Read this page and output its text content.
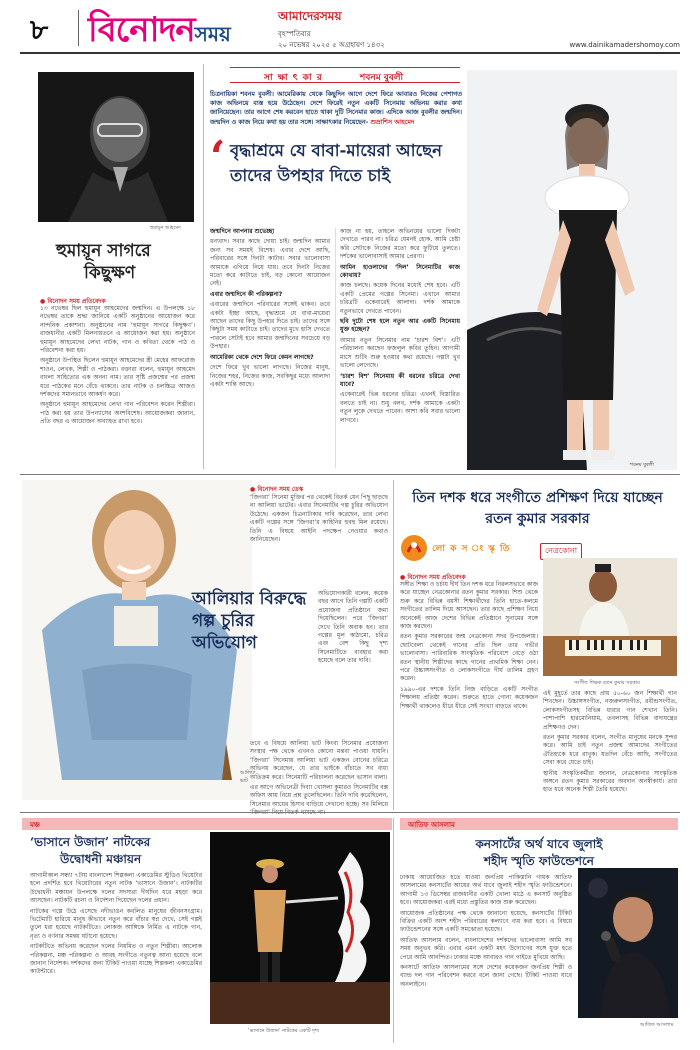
৮ বিনোদনসময়
আমাদেরসময়
বৃহস্পতিবার
২০ নভেম্বর ২০২৫ ৫ অগ্রহায়ণ ১৪৩২	www.dainikamadershomoy.com
হুমায়ূন আহমেদ
হুমায়ূন সাগরে
কিছুক্ষণ
● বিনোদন সময় প্রতিবেদক

১৩ নভেম্বর ছিল হুমায়ূন আহমেদের জন্মদিন। এ উপলক্ষে ১৮ নভেম্বর তাকে শ্রদ্ধা জানিয়ে একটি অনুষ্ঠানের আয়োজন করে নান্দনিক প্রকাশনা। অনুষ্ঠানের নাম ‘হুমায়ূন সাগরে কিছুক্ষণ’। রাজধানীর একটি মিলনায়তনে এ আয়োজন করা হয়। অনুষ্ঠানে হুমায়ূন আহমেদের লেখা নাটক, গান ও কবিতা থেকে পাঠ ও পরিবেশনা করা হয়।

অনুষ্ঠানে উপস্থিত ছিলেন হুমায়ূন আহমেদের স্ত্রী মেহের আফরোজ শাওন, লেখক, শিল্পী ও পাঠকরা। বক্তারা বলেন, হুমায়ূন আহমেদ বাংলা সাহিত্যের এক অনন্য নাম। তার সৃষ্টি প্রজন্মের পর প্রজন্ম ধরে পাঠকের মনে বেঁচে থাকবে। তার নাটক ও চলচ্চিত্র আজও দর্শকদের সমানভাবে আকর্ষণ করে।

অনুষ্ঠানে হুমায়ূন আহমেদের লেখা গান পরিবেশন করেন শিল্পীরা। পাঠ করা হয় তার উপন্যাসের অংশবিশেষ। আয়োজকরা জানান, প্রতি বছর এ আয়োজন অব্যাহত রাখা হবে।

সা ক্ষা ৎ কা র	শবনম বুবলী
চিত্রনায়িকা শবনম বুবলী। আমেরিকায় থেকে কিছুদিন আগে দেশে ফিরে আবারও নিজের পেশাগত কাজ অভিনয়ে ব্যস্ত হয়ে উঠেছেন। দেশে ফিরেই নতুন একটি সিনেমায় অভিনয় করার কথা জানিয়েছেন। তার আগে শেষ করবেন হাতে থাকা দুটি সিনেমার কাজ। এদিকে আজ বুবলীর জন্মদিন। জন্মদিন ও কাজ নিয়ে কথা হয় তার সঙ্গে। সাক্ষাৎকার নিয়েছেন- শুভ্রাশিস আহমেদ
‘ বৃদ্ধাশ্রমে যে বাবা-মায়েরা আছেন তাদের উপহার দিতে চাই

জন্মদিনে আপনার শুভেচ্ছা

ধন্যবাদ। সবার কাছে দোয়া চাই। জন্মদিন আমার জন্য সব সময়ই বিশেষ। এবার দেশে আছি, পরিবারের সঙ্গে দিনটা কাটাব। সবার ভালোবাসা আমাকে এগিয়ে নিয়ে যায়। তবে দিনটা নিজের মতো করে কাটাতে চাই, বড় কোনো আয়োজন নেই।

এবার জন্মদিনে কী পরিকল্পনা?

এবারের জন্মদিনে পরিবারের সঙ্গেই থাকব। তবে একটা ইচ্ছা আছে, বৃদ্ধাশ্রমে যে বাবা-মায়েরা আছেন তাদের কিছু উপহার দিতে চাই। তাদের সঙ্গে কিছুটা সময় কাটাতে চাই। তাদের মুখে হাসি দেখতে পারলে সেটাই হবে আমার জন্মদিনের সবচেয়ে বড় উপহার।

আমেরিকা থেকে দেশে ফিরে কেমন লাগছে?

দেশে ফিরে খুব ভালো লাগছে। নিজের মানুষ, নিজের শহর, নিজের কাজ, সবকিছুর মধ্যে আলাদা একটা শান্তি আছে।

কাজ না হয়, তাহলে অভিনয়ের ভালো দিকটা দেখাতে পারব না। চরিত্র যেমনই হোক, আমি চেষ্টা করি সেটাকে নিজের মতো করে ফুটিয়ে তুলতে। দর্শকের ভালোবাসাই আমার প্রেরণা।

আমিন হাওলাদের ‘দিল’ সিনেমাটির কাজ কোথায়?

কাজ চলছে। কয়েক দিনের মধ্যেই শেষ হবে। এটি একটি প্রেমের গল্পের সিনেমা। এখানে আমার চরিত্রটি একেবারেই আলাদা। দর্শক আমাকে নতুনভাবে দেখতে পাবেন।

ছবি দুটো শেষ হলে নতুন আর একটি সিনেমায় যুক্ত হচ্ছেন?

আমার নতুন সিনেমার নাম ‘চারশ বিশ’। এটি পরিচালনা করছেন ফজলুল কবির তুহিন। আগামী মাসে শুটিং শুরু হওয়ার কথা রয়েছে। গল্পটা খুব ভালো লেগেছে।

‘চারশ বিশ’ সিনেমায় কী ধরনের চরিত্রে দেখা যাবে?

একেবারেই ভিন্ন ধরনের চরিত্র। এখনই বিস্তারিত বলতে চাই না। শুধু বলব, দর্শক আমাকে একটা নতুন লুকে দেখতে পাবেন। আশা করি সবার ভালো লাগবে।

শবনম বুবলী
আলিয়া ভাট
● বিনোদন সময় ডেস্ক

‘জিগরা’ সিনেমা মুক্তির পর থেকেই বিতর্ক যেন পিছু ছাড়ছে না আলিয়া ভাটের। এবার সিনেমাটির গল্প চুরির অভিযোগ উঠেছে। একজন চিত্রনাট্যকার দাবি করেছেন, তার লেখা একটি গল্পের সঙ্গে ‘জিগরা’র কাহিনির হুবহু মিল রয়েছে। তিনি এ বিষয়ে আইনি পদক্ষেপ নেওয়ার কথাও জানিয়েছেন।

আলিয়ার বিরুদ্ধে গল্প চুরির অভিযোগ

অভিযোগকারী বলেন, কয়েক বছর আগে তিনি গল্পটি একটি প্রযোজনা প্রতিষ্ঠানে জমা দিয়েছিলেন। পরে ‘জিগরা’ দেখে তিনি অবাক হন। তার গল্পের মূল কাঠামো, চরিত্র এবং বেশ কিছু দৃশ্য সিনেমাটিতে ব্যবহার করা হয়েছে বলে তার দাবি।

তবে এ বিষয়ে আলিয়া ভাট কিংবা সিনেমার প্রযোজনা সংস্থার পক্ষ থেকে এখনও কোনো মন্তব্য পাওয়া যায়নি। ‘জিগরা’ সিনেমায় আলিয়া ভাট একজন বোনের চরিত্রে অভিনয় করেছেন, যে তার ভাইকে বাঁচাতে সব বাধা অতিক্রম করে। সিনেমাটি পরিচালনা করেছেন ভাসান বালা।

এর আগে অভিনেত্রী দিব্যা খোসলা কুমারও সিনেমাটির বক্স অফিস আয় নিয়ে প্রশ্ন তুলেছিলেন। তিনি দাবি করেছিলেন, সিনেমার আয়ের হিসাব বাড়িয়ে দেখানো হচ্ছে। সব মিলিয়ে

তিন দশক ধরে সংগীতে প্রশিক্ষণ দিয়ে যাচ্ছেন রতন কুমার সরকার
লো ক স ং স্কৃ তি	নেত্রকোনা
● বিনোদন সময় প্রতিবেদক

সঙ্গীত শিক্ষা ও চর্চায় দীর্ঘ তিন দশক ধরে নিরলসভাবে কাজ করে যাচ্ছেন নেত্রকোনার রতন কুমার সরকার। শিশু থেকে শুরু করে বিভিন্ন বয়সী শিক্ষার্থীদের তিনি হাতে-কলমে সংগীতের তালিম দিয়ে আসছেন। তার কাছে প্রশিক্ষণ নিয়ে অনেকেই আজ দেশের বিভিন্ন প্রতিষ্ঠানে সুনামের সঙ্গে কাজ করছেন।

রতন কুমার সরকারের জন্ম নেত্রকোনা সদর উপজেলায়। ছোটবেলা থেকেই গানের প্রতি ছিল তার গভীর ভালোবাসা। পারিবারিক সাংস্কৃতিক পরিবেশে বেড়ে ওঠা রতন স্থানীয় শিল্পীদের কাছে গানের প্রাথমিক শিক্ষা নেন। পরে উচ্চাঙ্গসংগীত ও লোকসংগীতে দীর্ঘ তালিম গ্রহণ করেন।

১৯৯০-এর দশকে তিনি নিজ বাড়িতে একটি সংগীত শিক্ষালয় প্রতিষ্ঠা করেন। শুরুতে হাতে গোনা কয়েকজন শিক্ষার্থী থাকলেও ধীরে ধীরে সেই সংখ্যা বাড়তে থাকে।

সংগীত শিক্ষক রতন কুমার সরকার

এই মুহূর্তে তার কাছে প্রায় ৫০-৬০ জন শিক্ষার্থী গান শিখছেন। উচ্চাঙ্গসংগীত, নজরুলসংগীত, রবীন্দ্রসংগীত, লোকসংগীতসহ বিভিন্ন ধারার গান শেখান তিনি। পাশাপাশি হারমোনিয়াম, তবলাসহ বিভিন্ন বাদ্যযন্ত্রের প্রশিক্ষণও দেন।

রতন কুমার সরকার বলেন, সংগীত মানুষের মনকে সুন্দর করে। আমি চাই নতুন প্রজন্ম আমাদের সংগীতের ঐতিহ্যকে ধরে রাখুক। যতদিন বেঁচে আছি, সংগীতের সেবা করে যেতে চাই।

স্থানীয় সংস্কৃতিকর্মীরা জানান, নেত্রকোনার সাংস্কৃতিক অঙ্গনে রতন কুমার সরকারের অবদান অনস্বীকার্য। তার হাত ধরে অনেক শিল্পী তৈরি হয়েছে।

মঞ্চ
‘ভাসানে উজান’ নাটকের
উদ্বোধনী মঞ্চায়ন

আগামীকাল সন্ধ্যা ৭টায় বাংলাদেশ শিল্পকলা একাডেমির স্টুডিও থিয়েটার হলে প্রদর্শিত হবে থিয়েটারের নতুন নাটক ‘ভাসানে উজান’। নাটকটির উদ্বোধনী মঞ্চায়ন উপলক্ষে দলের সদস্যরা দীর্ঘদিন ধরে মহড়া করে আসছেন। নাটকটি রচনা ও নির্দেশনা দিয়েছেন দলের প্রধান।

নাটকের গল্পে উঠে এসেছে নদীভাঙন কবলিত মানুষের জীবনসংগ্রাম। ভিটেমাটি হারিয়ে মানুষ কীভাবে নতুন করে বাঁচার স্বপ্ন দেখে, সেই গল্পই তুলে ধরা হয়েছে নাটকটিতে। লোকজ আঙ্গিকে নির্মিত এ নাটকে গান, নৃত্য ও বর্ণনার সমন্বয় ঘটানো হয়েছে।

নাটকটিতে অভিনয় করেছেন দলের নিয়মিত ও নতুন শিল্পীরা। আলোক পরিকল্পনা, মঞ্চ পরিকল্পনা ও আবহ সংগীতে নতুনত্ব আনা হয়েছে বলে জানান নির্দেশক। দর্শকদের জন্য টিকিট পাওয়া যাচ্ছে শিল্পকলা একাডেমির কাউন্টারে।

‘ভাসানে উজান’ নাটকের একটি দৃশ্য
আতিফ আসলাম
কনসার্টের অর্থ যাবে জুলাই
শহীদ স্মৃতি ফাউন্ডেশনে

ঢাকায় আয়োজিত হতে যাওয়া জনপ্রিয় পাকিস্তানি গায়ক আতিফ আসলামের কনসার্টের আয়ের অর্থ যাবে জুলাই শহীদ স্মৃতি ফাউন্ডেশনে। আগামী ১৩ ডিসেম্বর রাজধানীর একটি খোলা মাঠে এ কনসার্ট অনুষ্ঠিত হবে। আয়োজকরা এরই মধ্যে প্রস্তুতির কাজ শুরু করেছেন।

আয়োজক প্রতিষ্ঠানের পক্ষ থেকে জানানো হয়েছে, কনসার্টের টিকিট বিক্রির একটি অংশ শহীদ পরিবারের কল্যাণে ব্যয় করা হবে। এ বিষয়ে ফাউন্ডেশনের সঙ্গে একটি সমঝোতা হয়েছে।

আতিফ আসলাম বলেন, বাংলাদেশের দর্শকদের ভালোবাসা আমি সব সময় অনুভব করি। এবার এমন একটি মহৎ উদ্যোগের সঙ্গে যুক্ত হতে পেরে আমি আনন্দিত। ঢাকার মঞ্চে আবারও গান গাইতে মুখিয়ে আছি।

কনসার্টে আতিফ আসলামের সঙ্গে দেশের কয়েকজন জনপ্রিয় শিল্পী ও ব্যান্ড দল গান পরিবেশন করবে বলে জানা গেছে। টিকিট পাওয়া যাবে অনলাইনে।

আতিফ আসলাম
